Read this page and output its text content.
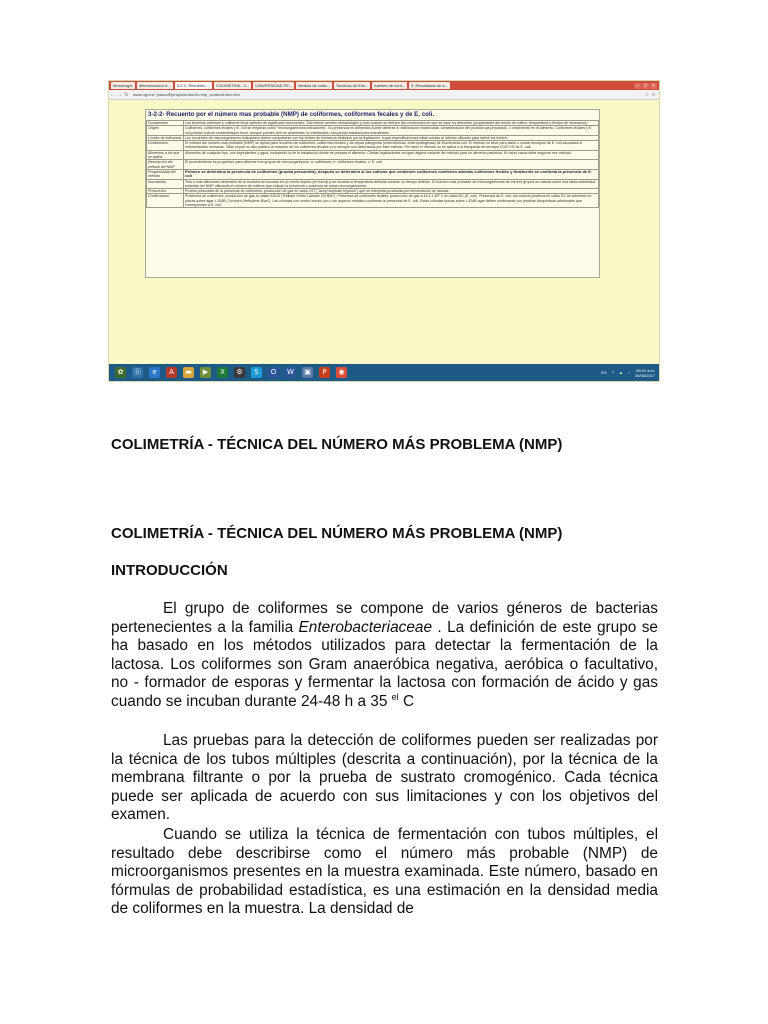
Messenger	determinacion d...	3-2-2- Recuento ...	COLIMETRIA - 2...	UNIVERSIDAD FE...	Medios de cultiv...	Tecnicas de Ens...	fuentes de cont...	9. Resultados de a...	–	□	×
← → ↻	www.ugr.es/~pasco/Ejemplo/indice/5-nmp_conteo/index.htm	☆ ≡
3-2-2- Recuento por el número mas probable (NMP) de coliformes, coliformes fecales y de E. coli.
Fundamento	Los términos coliforme y coliforme fecal carecen de significado taxonómico. Sólo tienen sentido metodológico y solo cuando se definen las condiciones en que se hace su detección (propiedades del medio de cultivo, temperatura y tiempo de incubación).
Origen	Coliformes, coliformes fecales y E. coli se emplean como "microorganismos indicadores". Su presencia en alimentos puede deberse a: elaboración inadecuada, contaminación del producto ya preparado, o crecimiento en el alimento. Coliformes fecales y E. coli pueden indicar contaminación fecal, aunque pueden vivir en ambientes no intestinales, incluyendo instalaciones industriales.
Límites de tolerancia	Los recuentos de microorganismos indicadores deben compararse con los límites de tolerancia definidos por la legislación, cuyas especificaciones están unidas al método utilizado para definir los límites.
Limitaciones	El método del número más probable (NMP) se aplica para recuento de coliformes, coliformes fecales y de cepas patógenas (enterotóxicas, enteropatógenas) de Escherichia coli. El método no sirve para aislar o contar serotipos de E. coli asociados a enfermedades humanas. Tales cepas no dan positivo la reacción de los coliformes fecales y no siempre son detectados por este método. Por tanto el método no se aplica a la búsqueda del serotipo O157:H7 de E. coli.
Alimentos a los que se aplica	Alimentos de cualquier tipo, sus ingredientes y agua, incluyendo la de la instalación donde se prepara el alimento. Ciertas legislaciones recogen alguna variante del método para un alimento particular. En tales casos debe seguirse ese método.
Descripción del método del NMP	El procedimiento es progresivo para detectar tres grupos de microorganismos: a: coliformes; b: coliformes fecales; c: E. coli.
Progresividad del método	Primero se determina la presencia de coliformes (prueba presuntiva), después se determina si los cultivos que contienen coliformes contienen además coliformes fecales y finalmente se confirma la presencia de E. coli
Inoculación	Tres o más diluciones decimales de la muestra se inoculan en un medio líquido (en tubos) y se incuban a temperatura definida durante un tiempo definido. El número más probable de microorganismos de los tres grupos se calcula sobre una tabla estadística estándar del NMP utilizando el número de cultivos que indican la presencia o ausencia de estos microorganismos.
Presunción	Prueba presuntiva de la presencia de coliformes: producción de gas en caldo LST ("lauryl sulphate tryptose") que se interpreta producida por fermentación de lactosa.
Confirmación	Presencia de coliformes: producción de gas en caldo BGLB ("Brilliant Green Lactose 2% Bile"). Presencia de coliformes fecales: producción de gas a 44.5 ± 45º C en caldo EC (E. coli). Presencia de E. coli: los cultivos positivos en caldo EC se siembran en placas sobre agar L-EMB ("Levine's Methylene Blue"). Las colonias con centro oscuro con o sin aspecto metálico confirman la presencia de E. coli. Estas colonias típicas sobre L-EMB agar deben confirmarse por pruebas bioquímicas adicionales que corresponden a E. coli.
✿	ⓗ	e	A	▬	▶	X	⚙	S	O	W	▣	P	◉	ES ? ▲ ♪ 09:21 a.m.
30/06/2017
COLIMETRÍA - TÉCNICA DEL NÚMERO MÁS PROBLEMA (NMP)
COLIMETRÍA - TÉCNICA DEL NÚMERO MÁS PROBLEMA (NMP)
INTRODUCCIÓN

El grupo de coliformes se compone de varios géneros de bacterias pertenecientes a la familia Enterobacteriaceae . La definición de este grupo se ha basado en los métodos utilizados para detectar la fermentación de la lactosa. Los coliformes son Gram anaeróbica negativa, aeróbica o facultativo, no - formador de esporas y fermentar la lactosa con formación de ácido y gas cuando se incuban durante 24-48 h a 35 $^{el}$ C

Las pruebas para la detección de coliformes pueden ser realizadas por la técnica de los tubos múltiples (descrita a continuación), por la técnica de la membrana filtrante o por la prueba de sustrato cromogénico. Cada técnica puede ser aplicada de acuerdo con sus limitaciones y con los objetivos del examen.

Cuando se utiliza la técnica de fermentación con tubos múltiples, el resultado debe describirse como el número más probable (NMP) de microorganismos presentes en la muestra examinada. Este número, basado en fórmulas de probabilidad estadística, es una estimación en la densidad media de coliformes en la muestra. La densidad de
